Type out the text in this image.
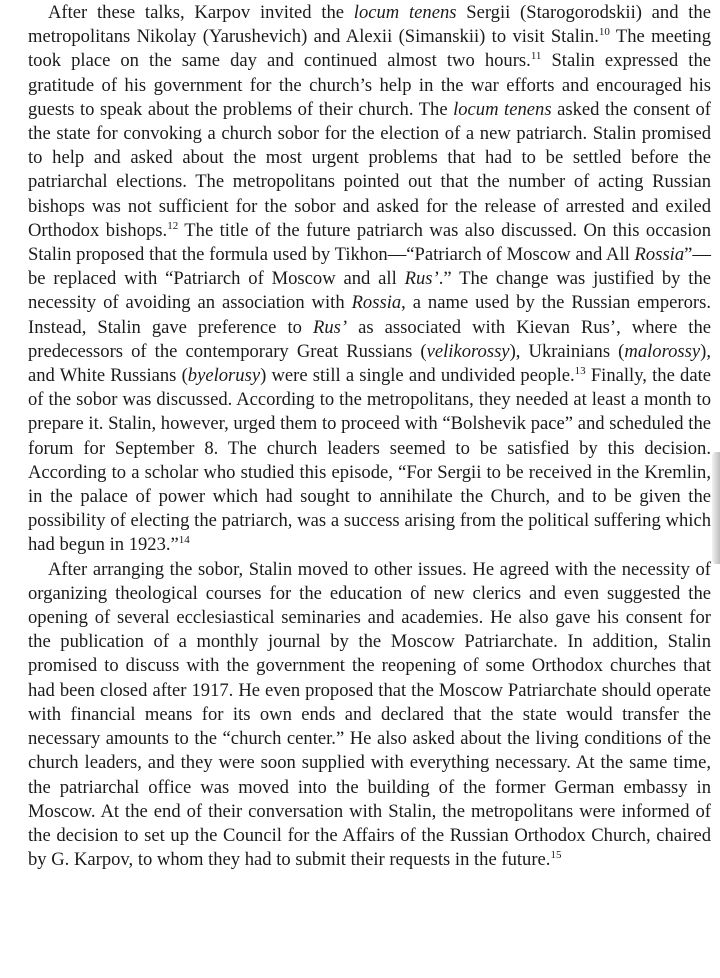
After these talks, Karpov invited the locum tenens Sergii (Starogorodskii) and the metropolitans Nikolay (Yarushevich) and Alexii (Simanskii) to visit Stalin.$^{10}$ The meeting took place on the same day and continued almost two hours.$^{11}$ Stalin expressed the gratitude of his government for the church’s help in the war efforts and encouraged his guests to speak about the problems of their church. The locum tenens asked the consent of the state for convoking a church sobor for the election of a new patriarch. Stalin promised to help and asked about the most urgent problems that had to be settled before the patriarchal elections. The metropolitans pointed out that the number of acting Russian bishops was not sufficient for the sobor and asked for the release of arrested and exiled Orthodox bishops.$^{12}$ The title of the future patriarch was also discussed. On this occasion Stalin proposed that the formula used by Tikhon—“Patriarch of Moscow and All Rossia”—be replaced with “Patriarch of Moscow and all Rus’.” The change was justified by the necessity of avoiding an association with Rossia, a name used by the Russian emperors. Instead, Stalin gave preference to Rus’ as associated with Kievan Rus’, where the predecessors of the contemporary Great Russians (velikorossy), Ukrainians (malorossy), and White Russians (byelorusy) were still a single and undivided people.$^{13}$ Finally, the date of the sobor was discussed. According to the metropolitans, they needed at least a month to prepare it. Stalin, however, urged them to proceed with “Bolshevik pace” and scheduled the forum for September 8. The church leaders seemed to be satisfied by this decision. According to a scholar who studied this episode, “For Sergii to be received in the Kremlin, in the palace of power which had sought to annihilate the Church, and to be given the possibility of electing the patriarch, was a success arising from the political suffering which had begun in 1923.”$^{14}$

After arranging the sobor, Stalin moved to other issues. He agreed with the necessity of organizing theological courses for the education of new clerics and even suggested the opening of several ecclesiastical seminaries and academies. He also gave his consent for the publication of a monthly journal by the Moscow Patriarchate. In addition, Stalin promised to discuss with the government the reopening of some Orthodox churches that had been closed after 1917. He even proposed that the Moscow Patriarchate should operate with financial means for its own ends and declared that the state would transfer the necessary amounts to the “church center.” He also asked about the living conditions of the church leaders, and they were soon supplied with everything necessary. At the same time, the patriarchal office was moved into the building of the former German embassy in Moscow. At the end of their conversation with Stalin, the metropolitans were informed of the decision to set up the Council for the Affairs of the Russian Orthodox Church, chaired by G. Karpov, to whom they had to submit their requests in the future.$^{15}$
